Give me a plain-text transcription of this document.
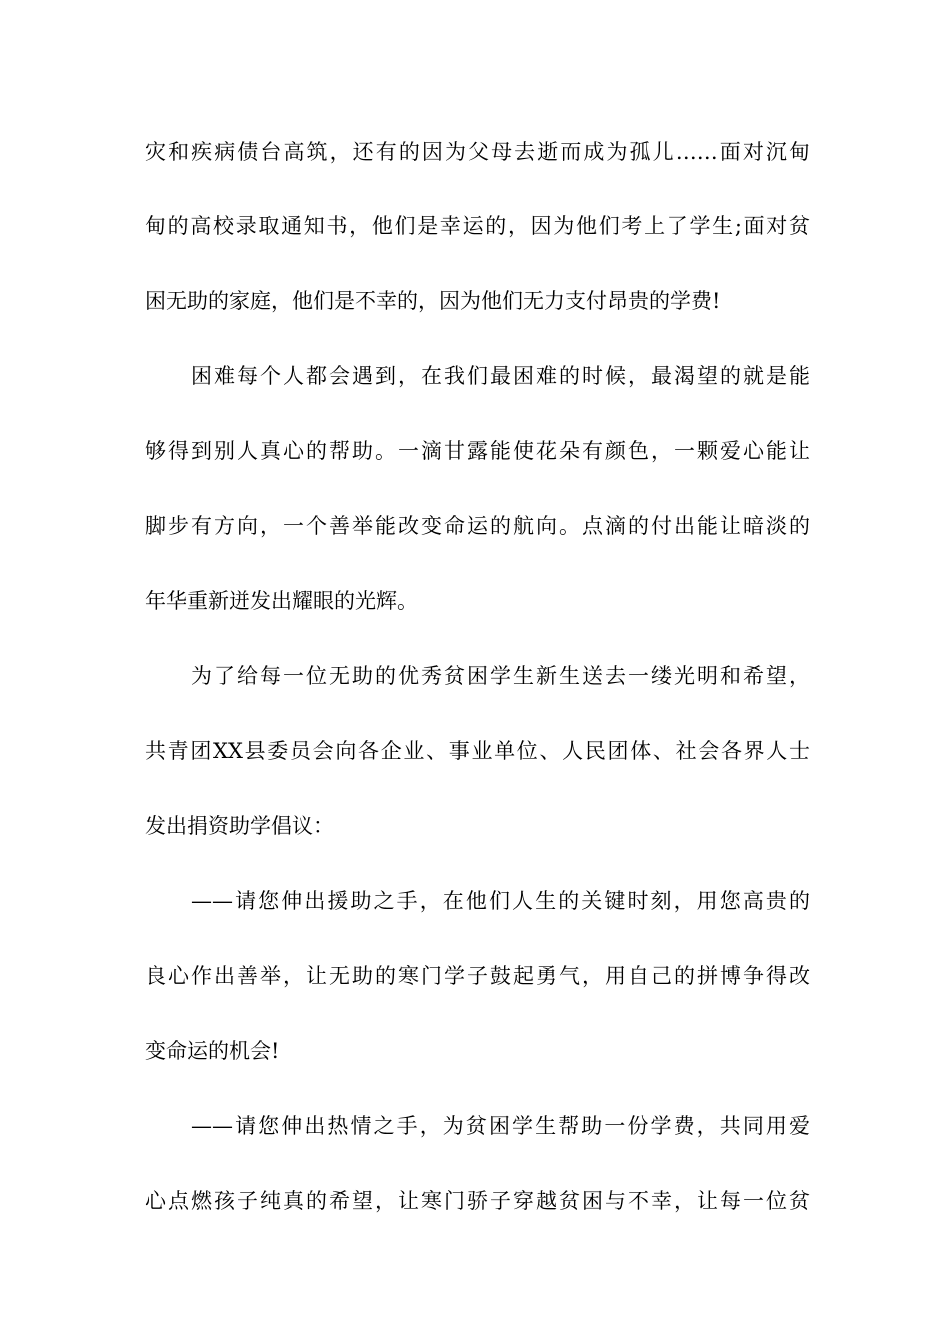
灾和疾病债台高筑，还有的因为父母去逝而成为孤儿……面对沉甸
甸的高校录取通知书，他们是幸运的，因为他们考上了学生;面对贫
困无助的家庭，他们是不幸的，因为他们无力支付昂贵的学费!
困难每个人都会遇到，在我们最困难的时候，最渴望的就是能
够得到别人真心的帮助。一滴甘露能使花朵有颜色，一颗爱心能让
脚步有方向，一个善举能改变命运的航向。点滴的付出能让暗淡的
年华重新迸发出耀眼的光辉。
为了给每一位无助的优秀贫困学生新生送去一缕光明和希望，
共青团XX县委员会向各企业、事业单位、人民团体、社会各界人士
发出捐资助学倡议：
——请您伸出援助之手，在他们人生的关键时刻，用您高贵的
良心作出善举，让无助的寒门学子鼓起勇气，用自己的拼博争得改
变命运的机会!
——请您伸出热情之手，为贫困学生帮助一份学费，共同用爱
心点燃孩子纯真的希望，让寒门骄子穿越贫困与不幸，让每一位贫
